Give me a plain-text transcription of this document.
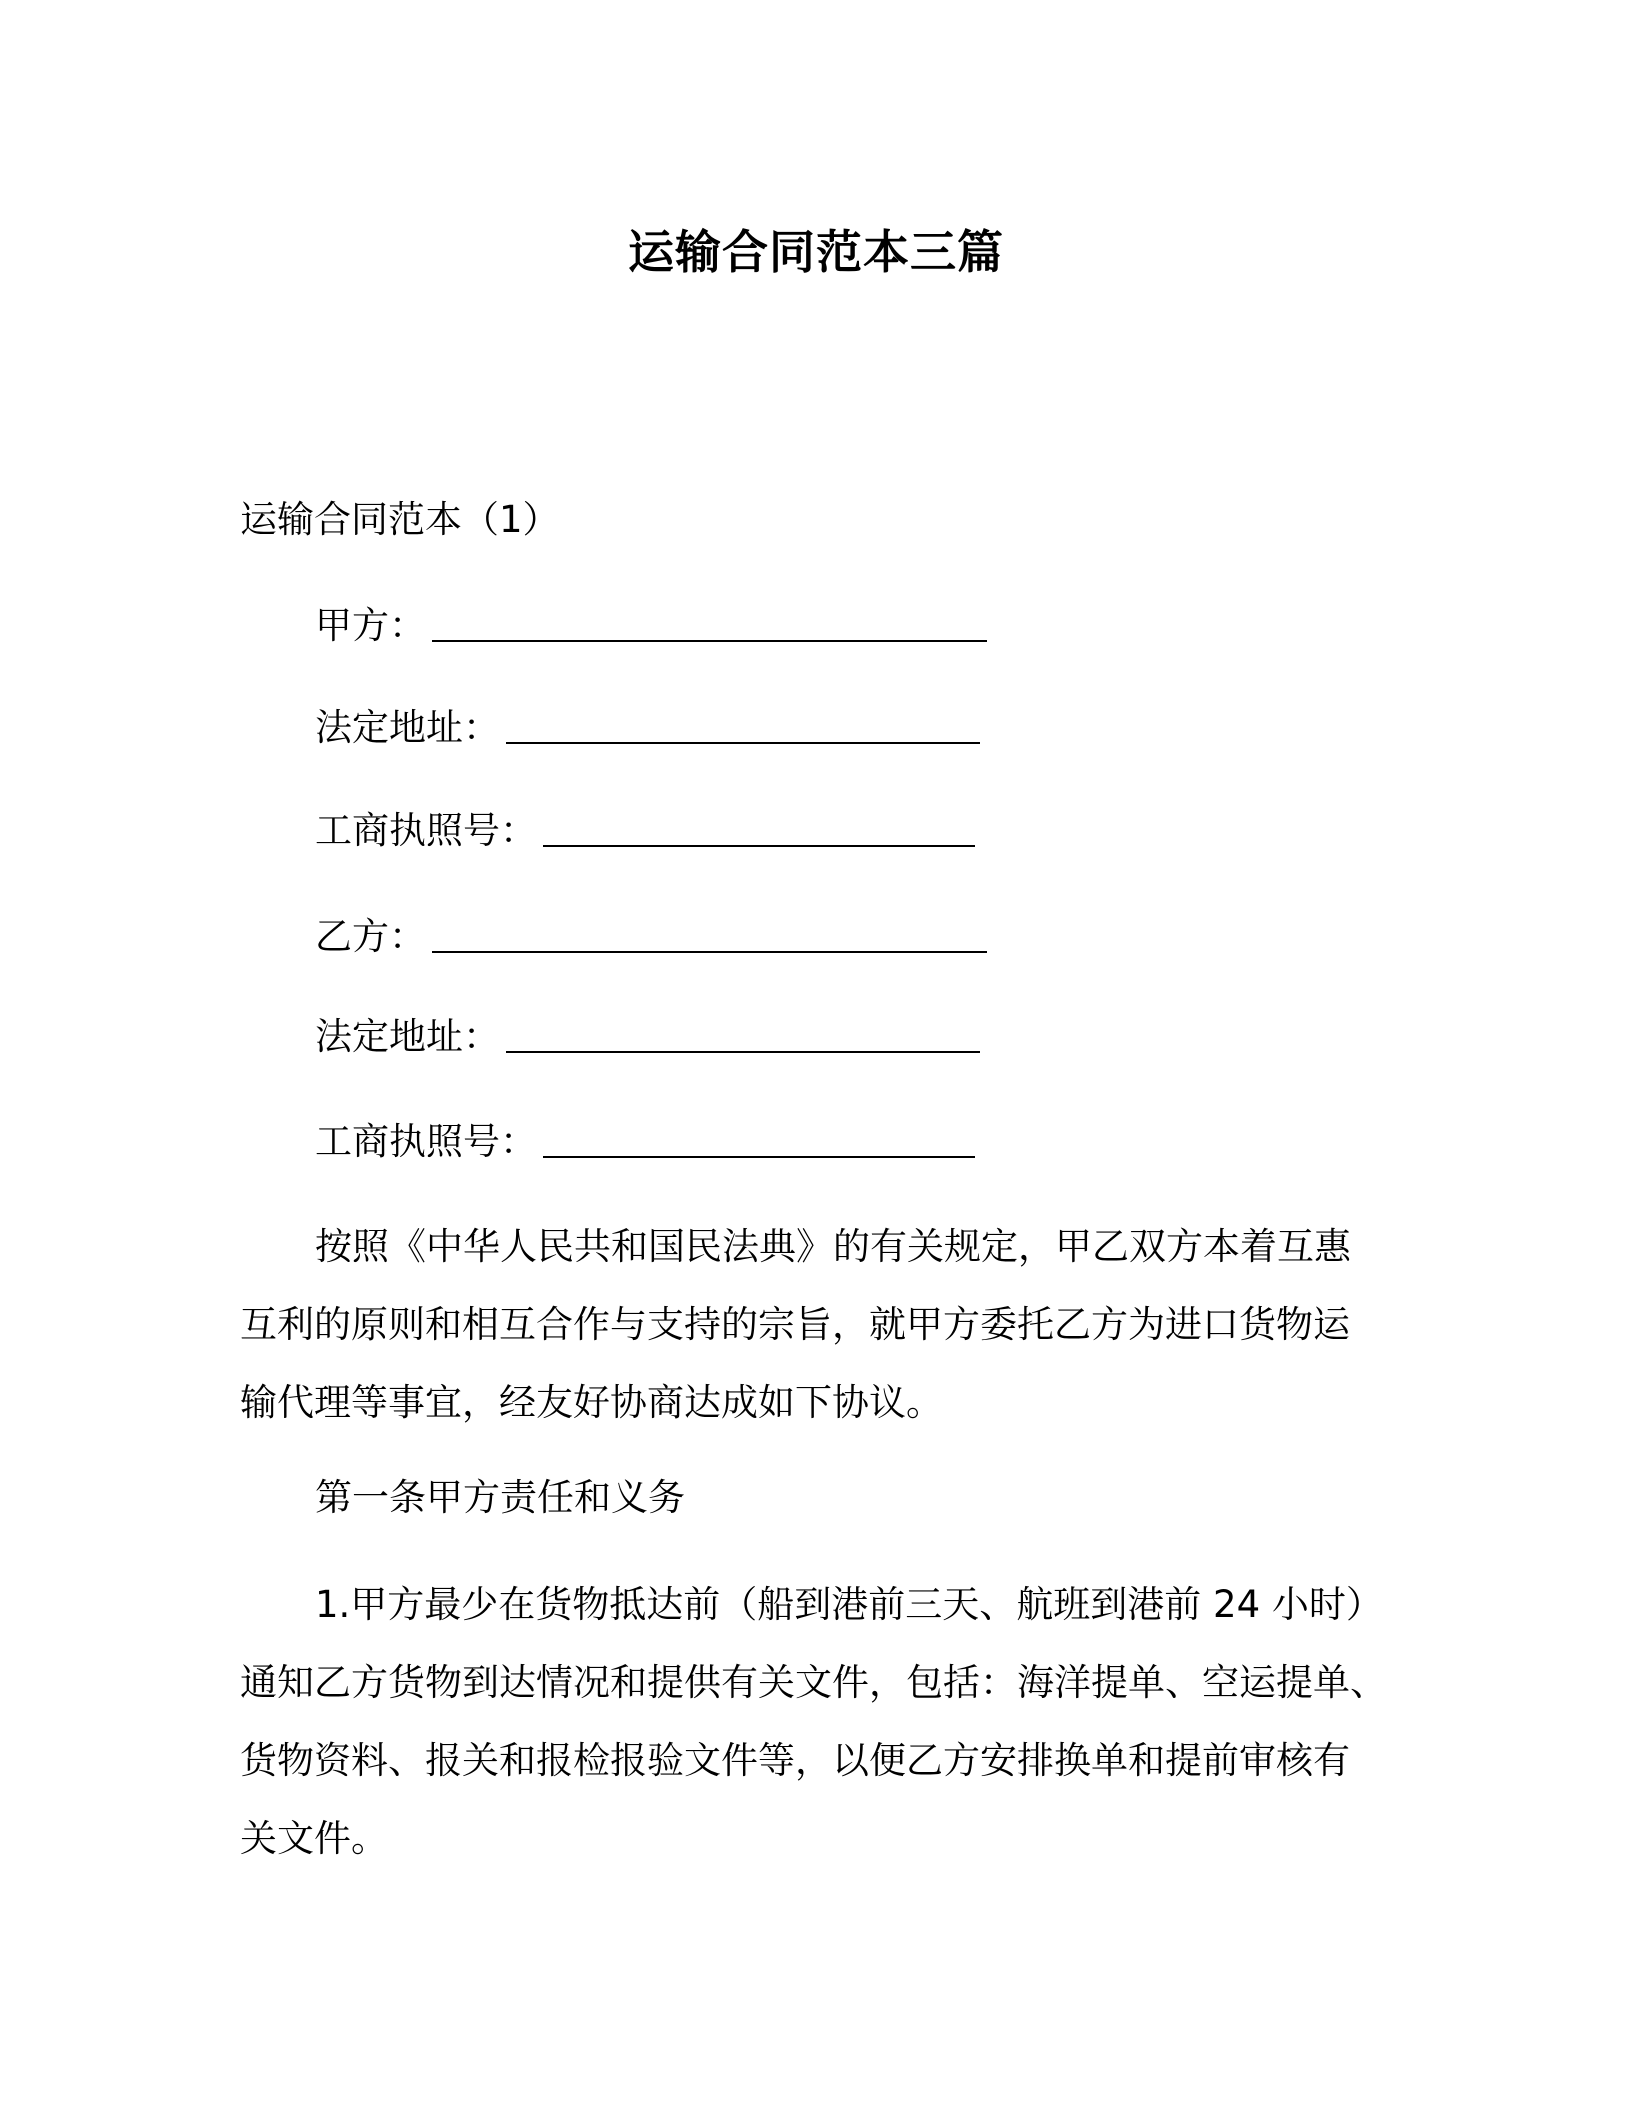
运输合同范本三篇
运输合同范本（1）
甲方：
法定地址：
工商执照号：
乙方：
法定地址：
工商执照号：
按照《中华人民共和国民法典》的有关规定，甲乙双方本着互惠
互利的原则和相互合作与支持的宗旨，就甲方委托乙方为进口货物运
输代理等事宜，经友好协商达成如下协议。
第一条甲方责任和义务
1.甲方最少在货物抵达前（船到港前三天、航班到港前 24 小时）
通知乙方货物到达情况和提供有关文件，包括：海洋提单、空运提单、
货物资料、报关和报检报验文件等，以便乙方安排换单和提前审核有
关文件。
